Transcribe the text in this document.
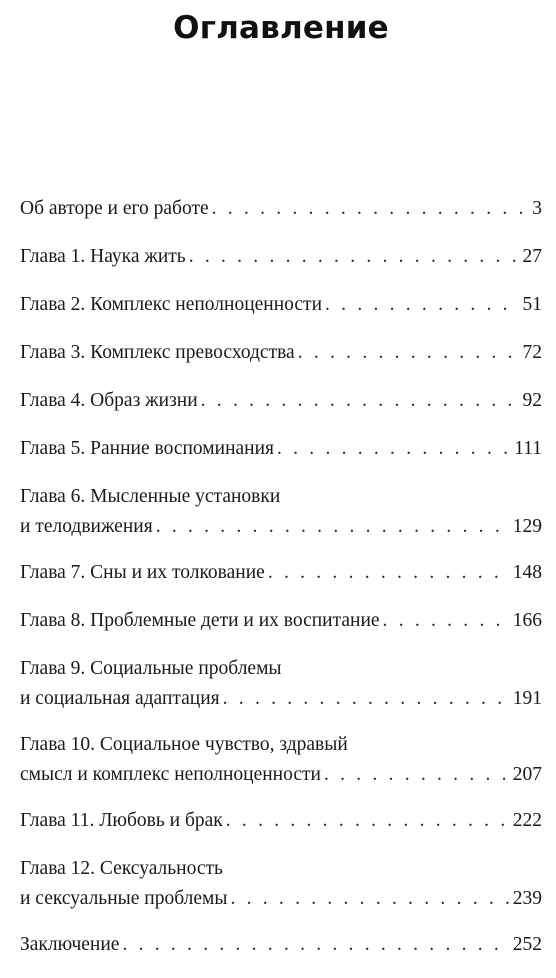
Оглавление
Об авторе и его работе . . .	3
Глава 1. Наука жить . . .	27
Глава 2. Комплекс неполноценности . . .	51
Глава 3. Комплекс превосходства . . .	72
Глава 4. Образ жизни . . .	92
Глава 5. Ранние воспоминания . . .	111
Глава 6. Мысленные установки
и телодвижения . . .	129
Глава 7. Сны и их толкование . . .	148
Глава 8. Проблемные дети и их воспитание . . .	166
Глава 9. Социальные проблемы
и социальная адаптация . . .	191
Глава 10. Социальное чувство, здравый
смысл и комплекс неполноценности . . .	207
Глава 11. Любовь и брак . . .	222
Глава 12. Сексуальность
и сексуальные проблемы . . .	239
Заключение . . .	252
